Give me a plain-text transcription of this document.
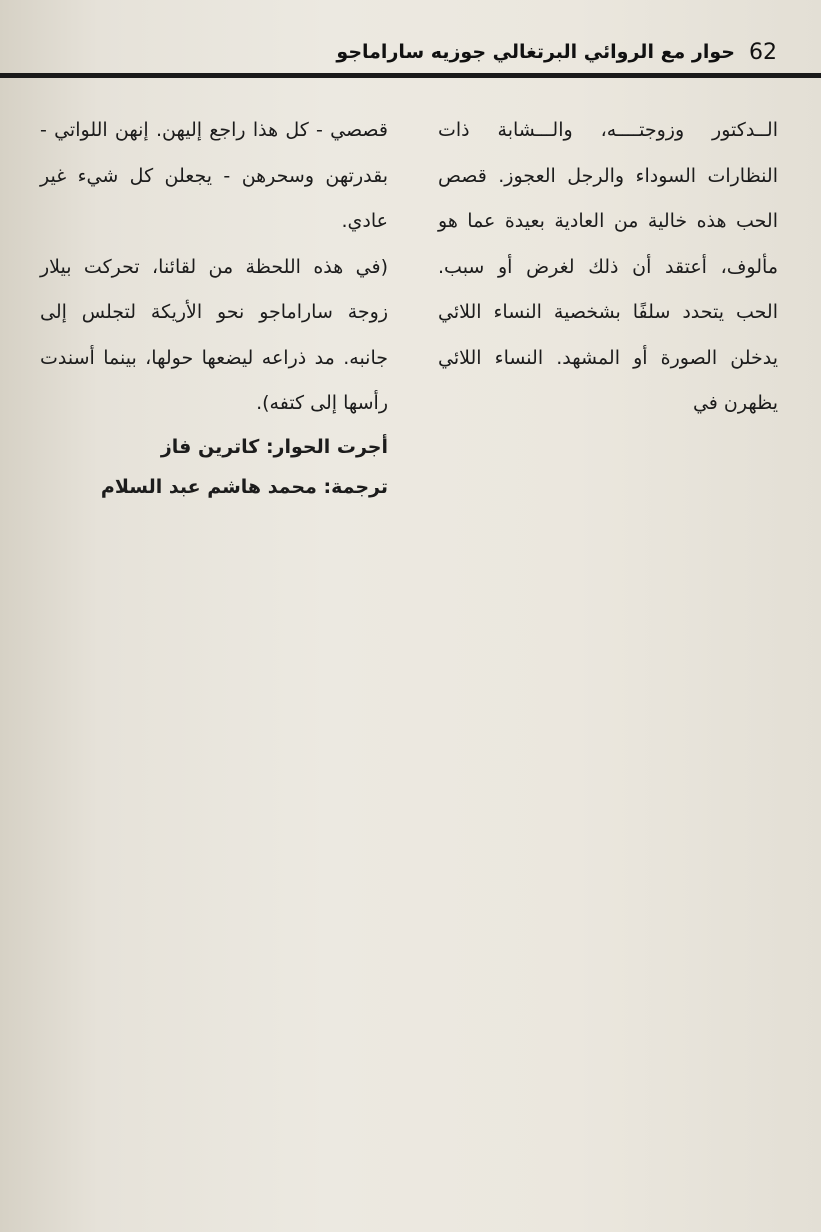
حوار مع الروائي البرتغالي جوزيه ساراماجو 62

الــدكتور وزوجتــــه، والـــشابة ذات النظارات السوداء والرجل العجوز. قصص الحب هذه خالية من العادية بعيدة عما هو مألوف، أعتقد أن ذلك لغرض أو سبب. الحب يتحدد سلفًا بشخصية النساء اللائي يدخلن الصورة أو المشهد. النساء اللائي يظهرن في

قصصي - كل هذا راجع إليهن. إنهن اللواتي - بقدرتهن وسحرهن - يجعلن كل شيء غير عادي.

(في هذه اللحظة من لقائنا، تحركت بيلار زوجة ساراماجو نحو الأريكة لتجلس إلى جانبه. مد ذراعه ليضعها حولها، بينما أسندت رأسها إلى كتفه).

أجرت الحوار: كاترين فاز
ترجمة: محمد هاشم عبد السلام
